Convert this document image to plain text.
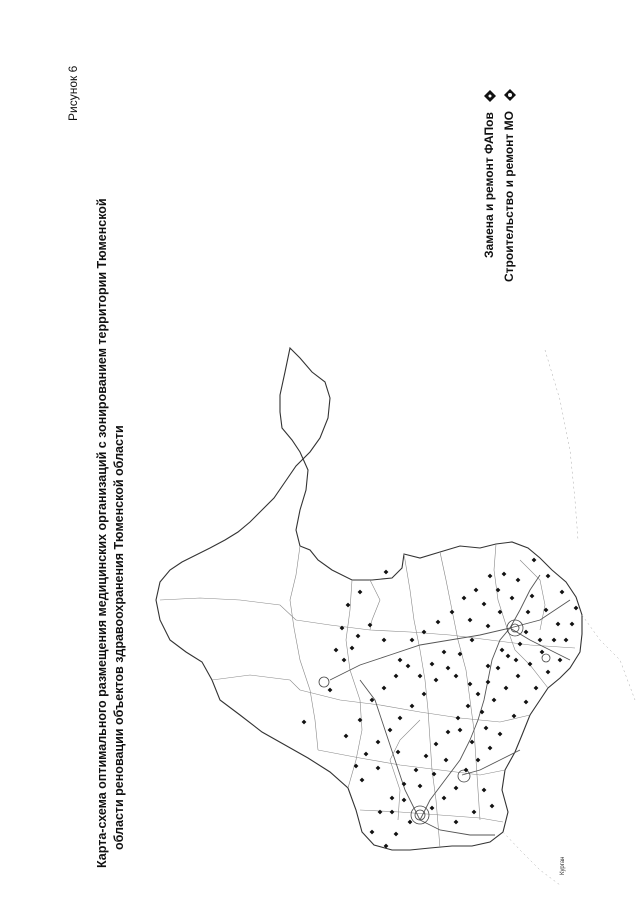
Рисунок 6
Карта-схема оптимального размещения медицинских организаций с зонированием территории Тюменской области реновации объектов здравоохранения Тюменской области
Замена и ремонт ФАПов Строительство и ремонт МО
Курган
